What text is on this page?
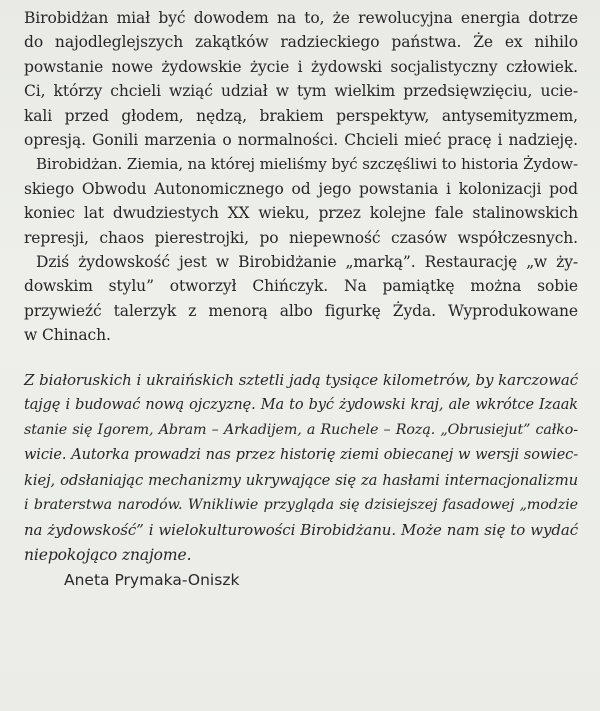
Birobidżan miał być dowodem na to, że rewolucyjna energia dotrze
do najodleglejszych zakątków radzieckiego państwa. Że ex nihilo
powstanie nowe żydowskie życie i żydowski socjalistyczny człowiek.
Ci, którzy chcieli wziąć udział w tym wielkim przedsięwzięciu, ucie-
kali przed głodem, nędzą, brakiem perspektyw, antysemityzmem,
opresją. Gonili marzenia o normalności. Chcieli mieć pracę i nadzieję.
Birobidżan. Ziemia, na której mieliśmy być szczęśliwi to historia Żydow-
skiego Obwodu Autonomicznego od jego powstania i kolonizacji pod
koniec lat dwudziestych XX wieku, przez kolejne fale stalinowskich
represji, chaos pierestrojki, po niepewność czasów współczesnych.
Dziś żydowskość jest w Birobidżanie „marką”. Restaurację „w ży-
dowskim stylu” otworzył Chińczyk. Na pamiątkę można sobie
przywieźć talerzyk z menorą albo figurkę Żyda. Wyprodukowane
w Chinach.
Z białoruskich i ukraińskich sztetli jadą tysiące kilometrów, by karczować
tajgę i budować nową ojczyznę. Ma to być żydowski kraj, ale wkrótce Izaak
stanie się Igorem, Abram – Arkadijem, a Ruchele – Rozą. „Obrusiejut” całko-
wicie. Autorka prowadzi nas przez historię ziemi obiecanej w wersji sowiec-
kiej, odsłaniając mechanizmy ukrywające się za hasłami internacjonalizmu
i braterstwa narodów. Wnikliwie przygląda się dzisiejszej fasadowej „modzie
na żydowskość” i wielokulturowości Birobidżanu. Może nam się to wydać
niepokojąco znajome.
Aneta Prymaka-Oniszk
